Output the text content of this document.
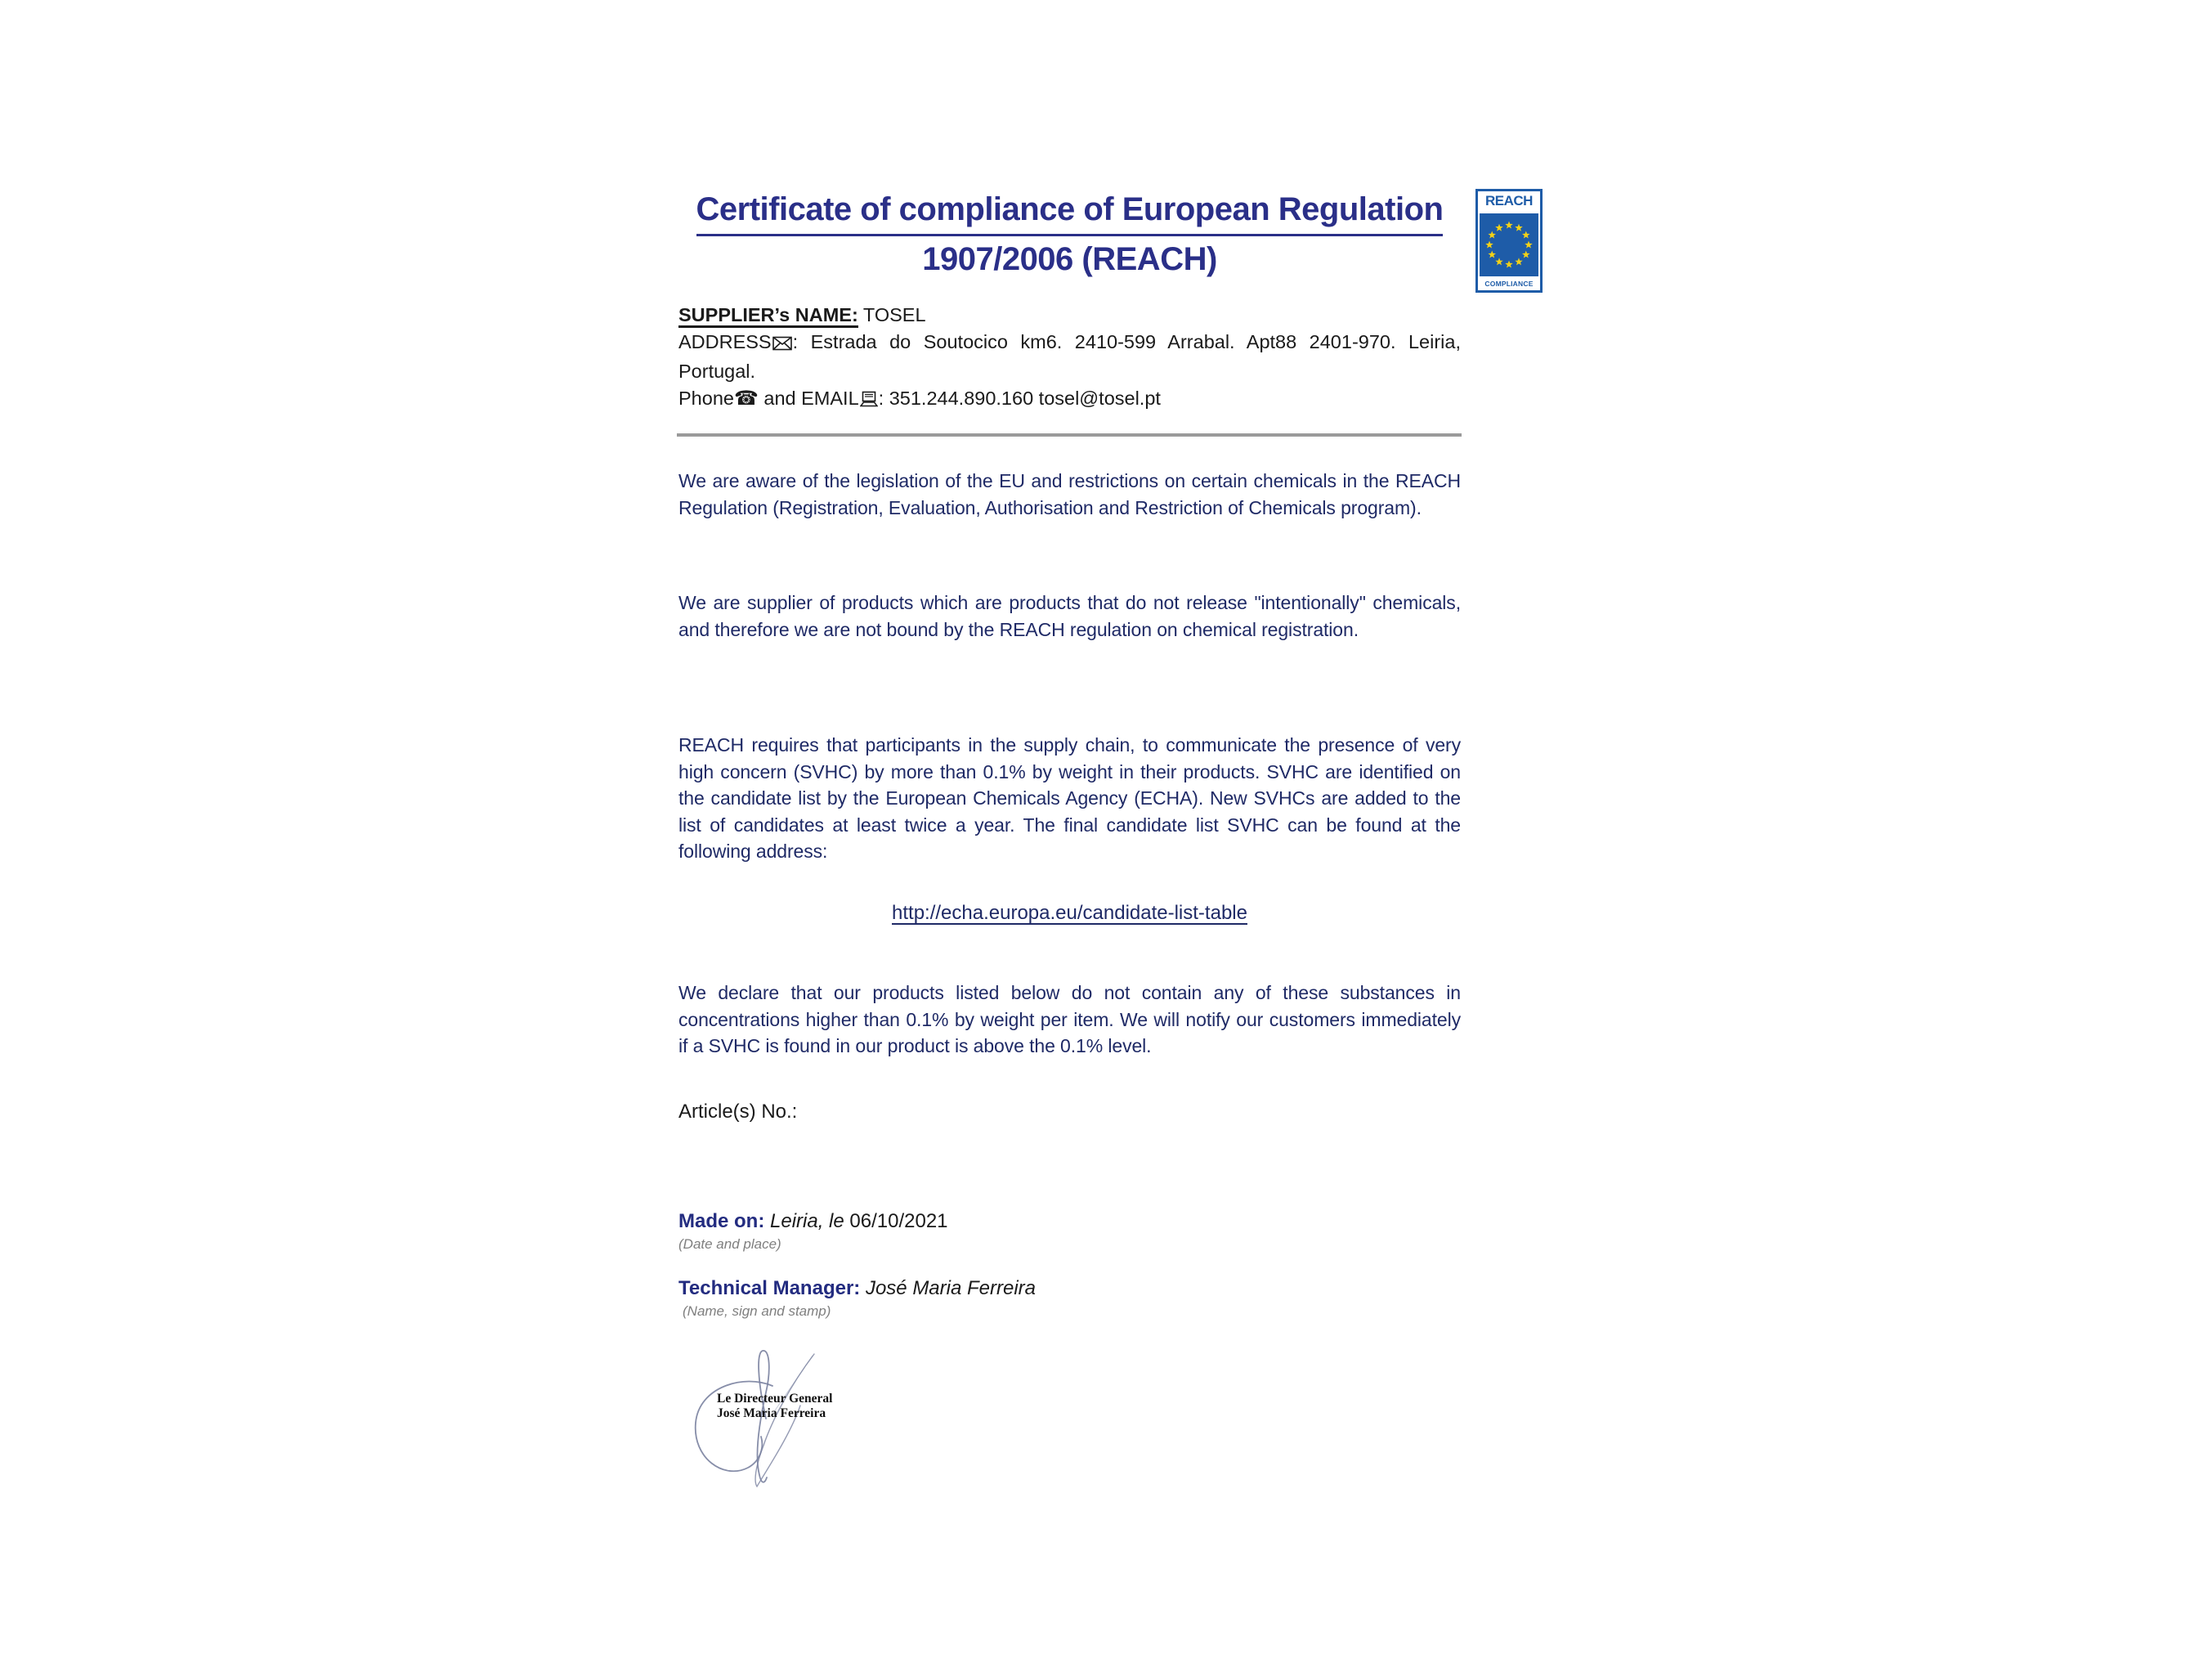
Certificate of compliance of European Regulation
1907/2006 (REACH)
REACH
COMPLIANCE
SUPPLIER’s NAME: TOSEL
ADDRESS : Estrada do Soutocico km6. 2410-599 Arrabal. Apt88 2401-970. Leiria, Portugal.
Phone☎ and EMAIL : 351.244.890.160 tosel@tosel.pt

We are aware of the legislation of the EU and restrictions on certain chemicals in the REACH Regulation (Registration, Evaluation, Authorisation and Restriction of Chemicals program).

We are supplier of products which are products that do not release "intentionally" chemicals, and therefore we are not bound by the REACH regulation on chemical registration.

REACH requires that participants in the supply chain, to communicate the presence of very high concern (SVHC) by more than 0.1% by weight in their products. SVHC are identified on the candidate list by the European Chemicals Agency (ECHA). New SVHCs are added to the list of candidates at least twice a year. The final candidate list SVHC can be found at the following address:

http://echa.europa.eu/candidate-list-table

We declare that our products listed below do not contain any of these substances in concentrations higher than 0.1% by weight per item. We will notify our customers immediately if a SVHC is found in our product is above the 0.1% level.

Article(s) No.:
Made on: Leiria, le 06/10/2021
(Date and place)
Technical Manager: José Maria Ferreira
(Name, sign and stamp)
Le Directeur General
José Maria Ferreira
